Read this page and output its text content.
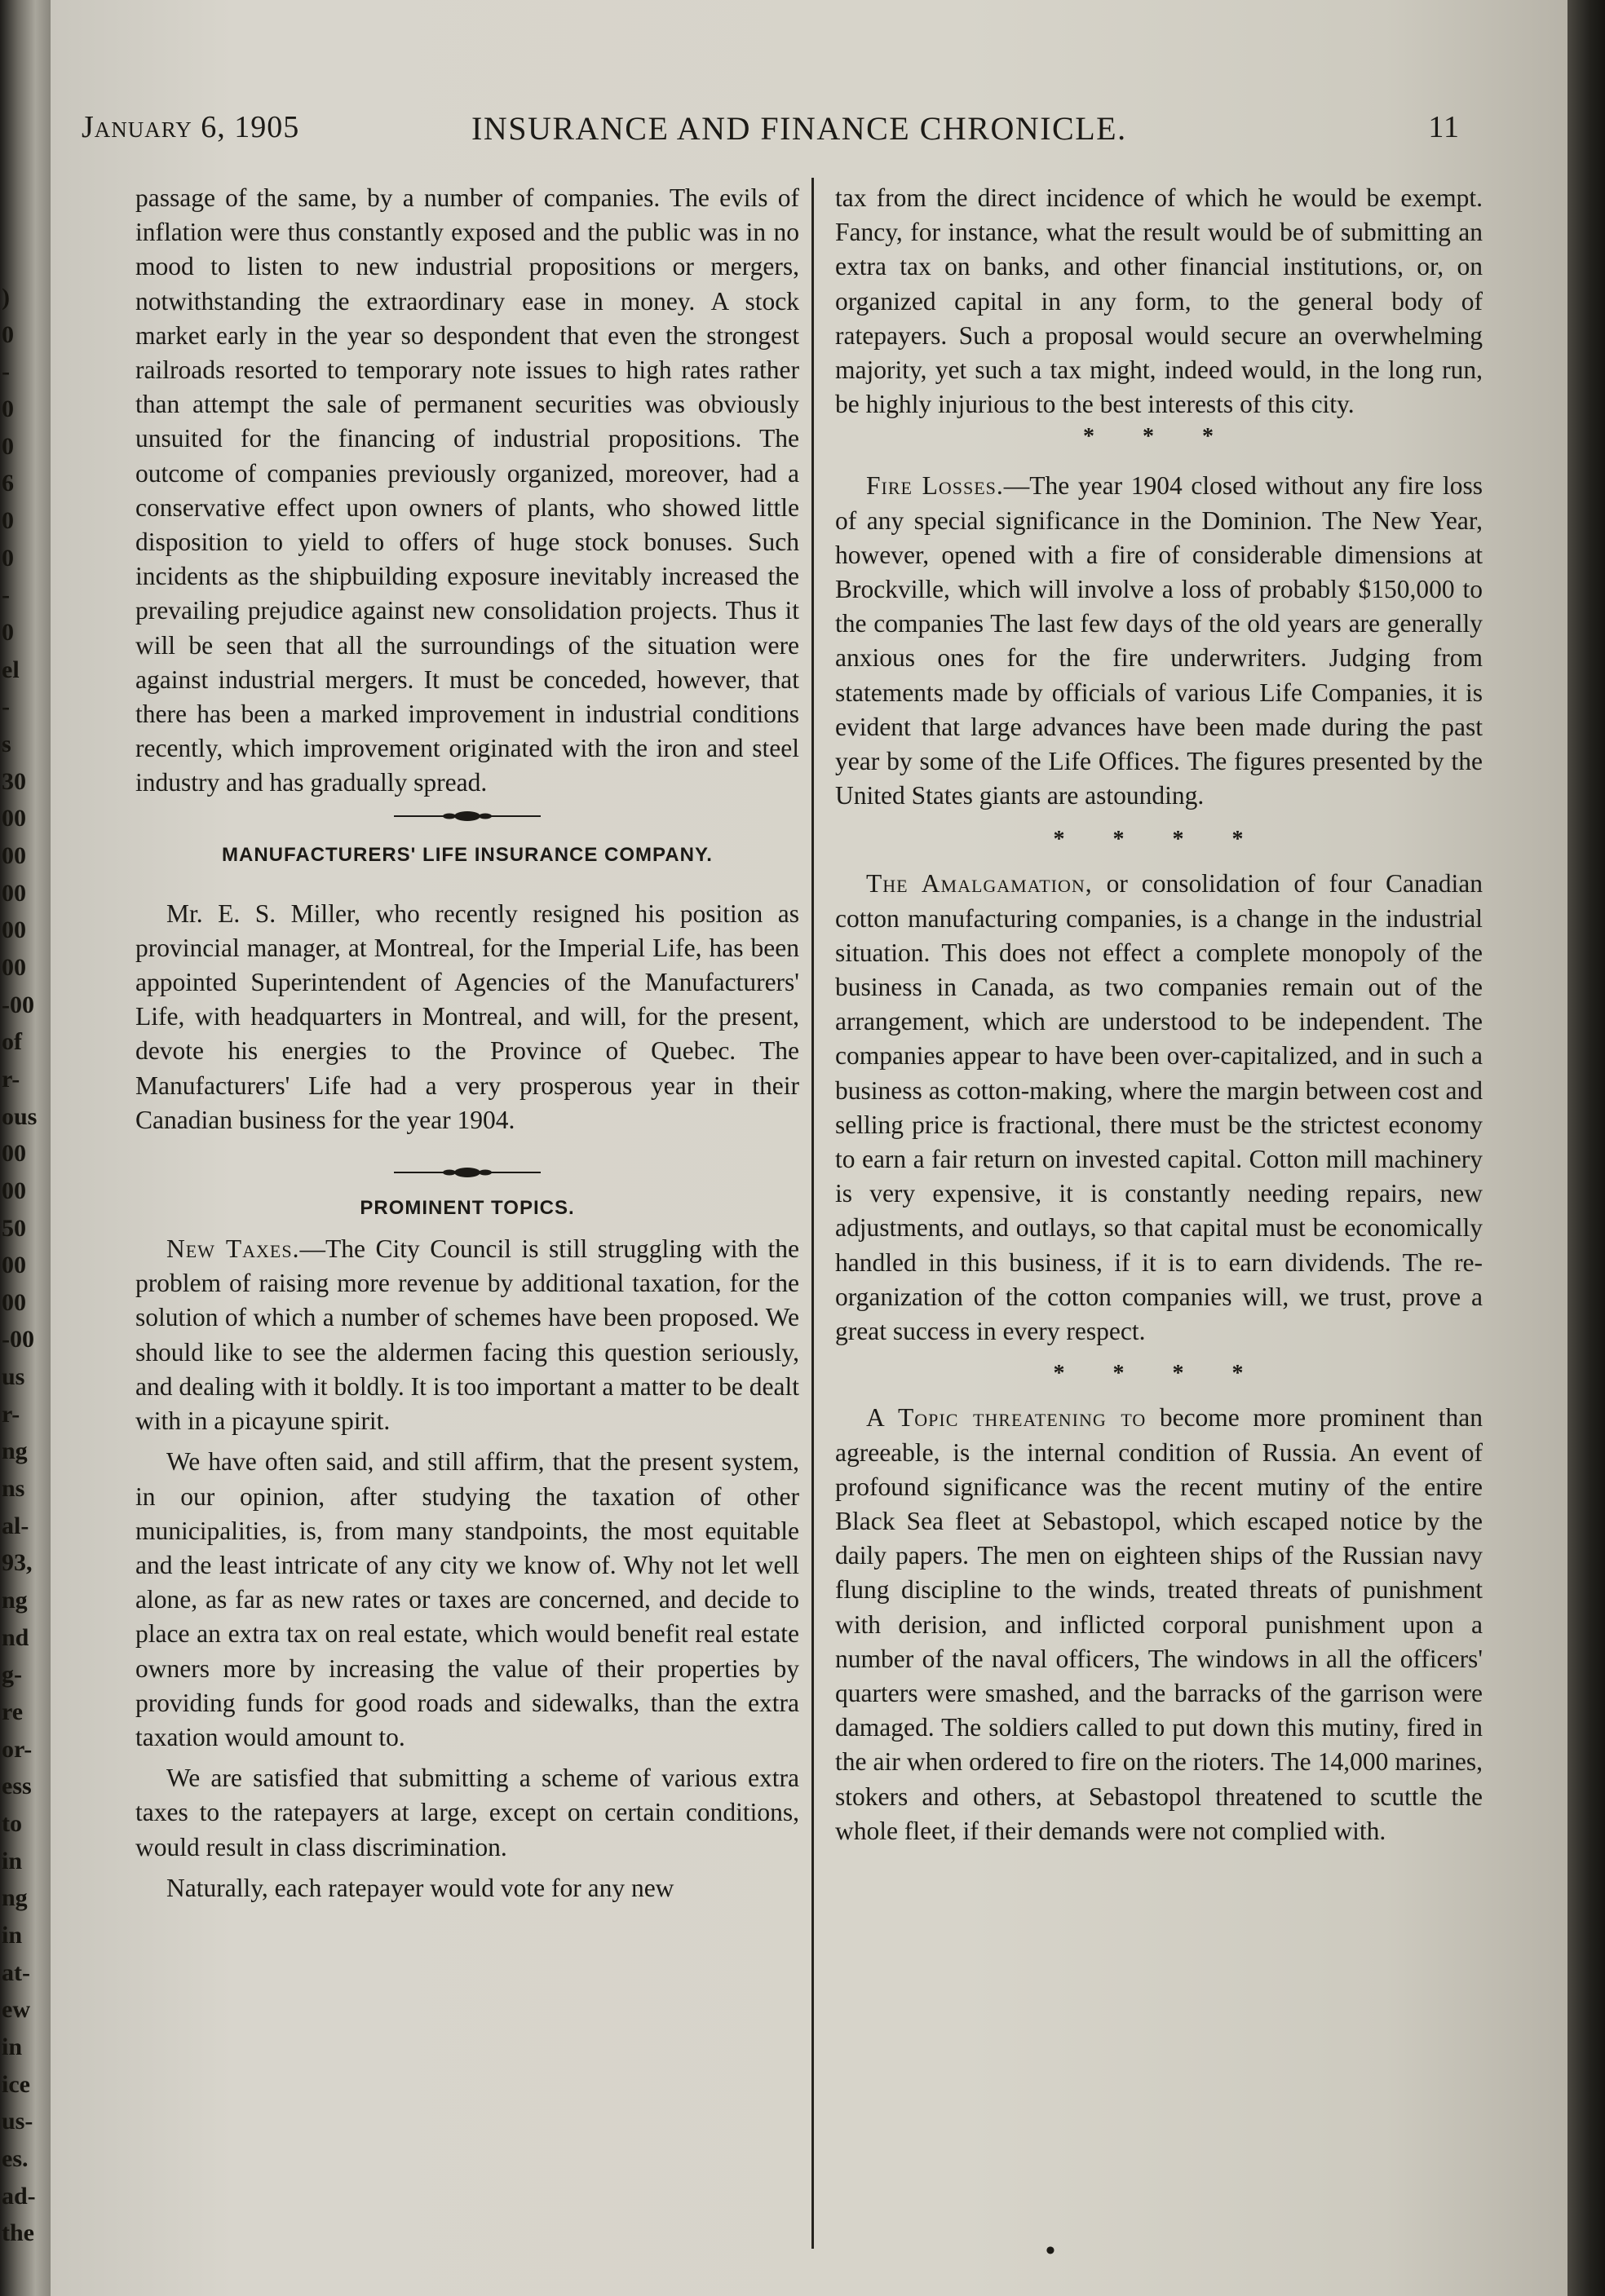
)
0
-
0
0
6
0
0
-
0
el
-
s
30
00
00
00
00
00
-00
of
r-
ous
00
00
50
00
00
-00
us
r-
ng
ns
al-
93,
ng
nd
g-
re
or-
ess
to
in
ng
in
at-
ew
in
ice
us-
es.
ad-
the
January 6, 1905	INSURANCE AND FINANCE CHRONICLE.	11

passage of the same, by a number of companies. The evils of inflation were thus constantly exposed and the public was in no mood to listen to new industrial propositions or mergers, notwithstanding the extraordinary ease in money. A stock market early in the year so despondent that even the strongest railroads resorted to temporary note issues to high rates rather than attempt the sale of permanent securities was obviously unsuited for the financing of industrial propositions. The outcome of companies previously organized, moreover, had a conservative effect upon owners of plants, who showed little disposition to yield to offers of huge stock bonuses. Such incidents as the shipbuilding exposure inevitably increased the prevailing prejudice against new consolidation projects. Thus it will be seen that all the surroundings of the situation were against industrial mergers. It must be conceded, however, that there has been a marked improvement in industrial conditions recently, which improvement originated with the iron and steel industry and has gradually spread.

MANUFACTURERS' LIFE INSURANCE COMPANY.

Mr. E. S. Miller, who recently resigned his position as provincial manager, at Montreal, for the Imperial Life, has been appointed Superintendent of Agencies of the Manufacturers' Life, with headquarters in Montreal, and will, for the present, devote his energies to the Province of Quebec. The Manufacturers' Life had a very prosperous year in their Canadian business for the year 1904.

PROMINENT TOPICS.

New Taxes.—The City Council is still struggling with the problem of raising more revenue by additional taxation, for the solution of which a number of schemes have been proposed. We should like to see the aldermen facing this question seriously, and dealing with it boldly. It is too important a matter to be dealt with in a picayune spirit.

We have often said, and still affirm, that the present system, in our opinion, after studying the taxation of other municipalities, is, from many standpoints, the most equitable and the least intricate of any city we know of. Why not let well alone, as far as new rates or taxes are concerned, and decide to place an extra tax on real estate, which would benefit real estate owners more by increasing the value of their properties by providing funds for good roads and sidewalks, than the extra taxation would amount to.

We are satisfied that submitting a scheme of various extra taxes to the ratepayers at large, except on certain conditions, would result in class discrimination.

Naturally, each ratepayer would vote for any new

tax from the direct incidence of which he would be exempt. Fancy, for instance, what the result would be of submitting an extra tax on banks, and other financial institutions, or, on organized capital in any form, to the general body of ratepayers. Such a proposal would secure an overwhelming majority, yet such a tax might, indeed would, in the long run, be highly injurious to the best interests of this city.

* * *

Fire Losses.—The year 1904 closed without any fire loss of any special significance in the Dominion. The New Year, however, opened with a fire of considerable dimensions at Brockville, which will involve a loss of probably $150,000 to the companies The last few days of the old years are generally anxious ones for the fire underwriters. Judging from statements made by officials of various Life Companies, it is evident that large advances have been made during the past year by some of the Life Offices. The figures presented by the United States giants are astounding.

* * * *

The Amalgamation, or consolidation of four Canadian cotton manufacturing companies, is a change in the industrial situation. This does not effect a complete monopoly of the business in Canada, as two companies remain out of the arrangement, which are understood to be independent. The companies appear to have been over-capitalized, and in such a business as cotton-making, where the margin between cost and selling price is fractional, there must be the strictest economy to earn a fair return on invested capital. Cotton mill machinery is very expensive, it is constantly needing repairs, new adjustments, and outlays, so that capital must be economically handled in this business, if it is to earn dividends. The re-organization of the cotton companies will, we trust, prove a great success in every respect.

* * * *

A Topic threatening to become more prominent than agreeable, is the internal condition of Russia. An event of profound significance was the recent mutiny of the entire Black Sea fleet at Sebastopol, which escaped notice by the daily papers. The men on eighteen ships of the Russian navy flung discipline to the winds, treated threats of punishment with derision, and inflicted corporal punishment upon a number of the naval officers, The windows in all the officers' quarters were smashed, and the barracks of the garrison were damaged. The soldiers called to put down this mutiny, fired in the air when ordered to fire on the rioters. The 14,000 marines, stokers and others, at Sebastopol threatened to scuttle the whole fleet, if their demands were not complied with.

•
